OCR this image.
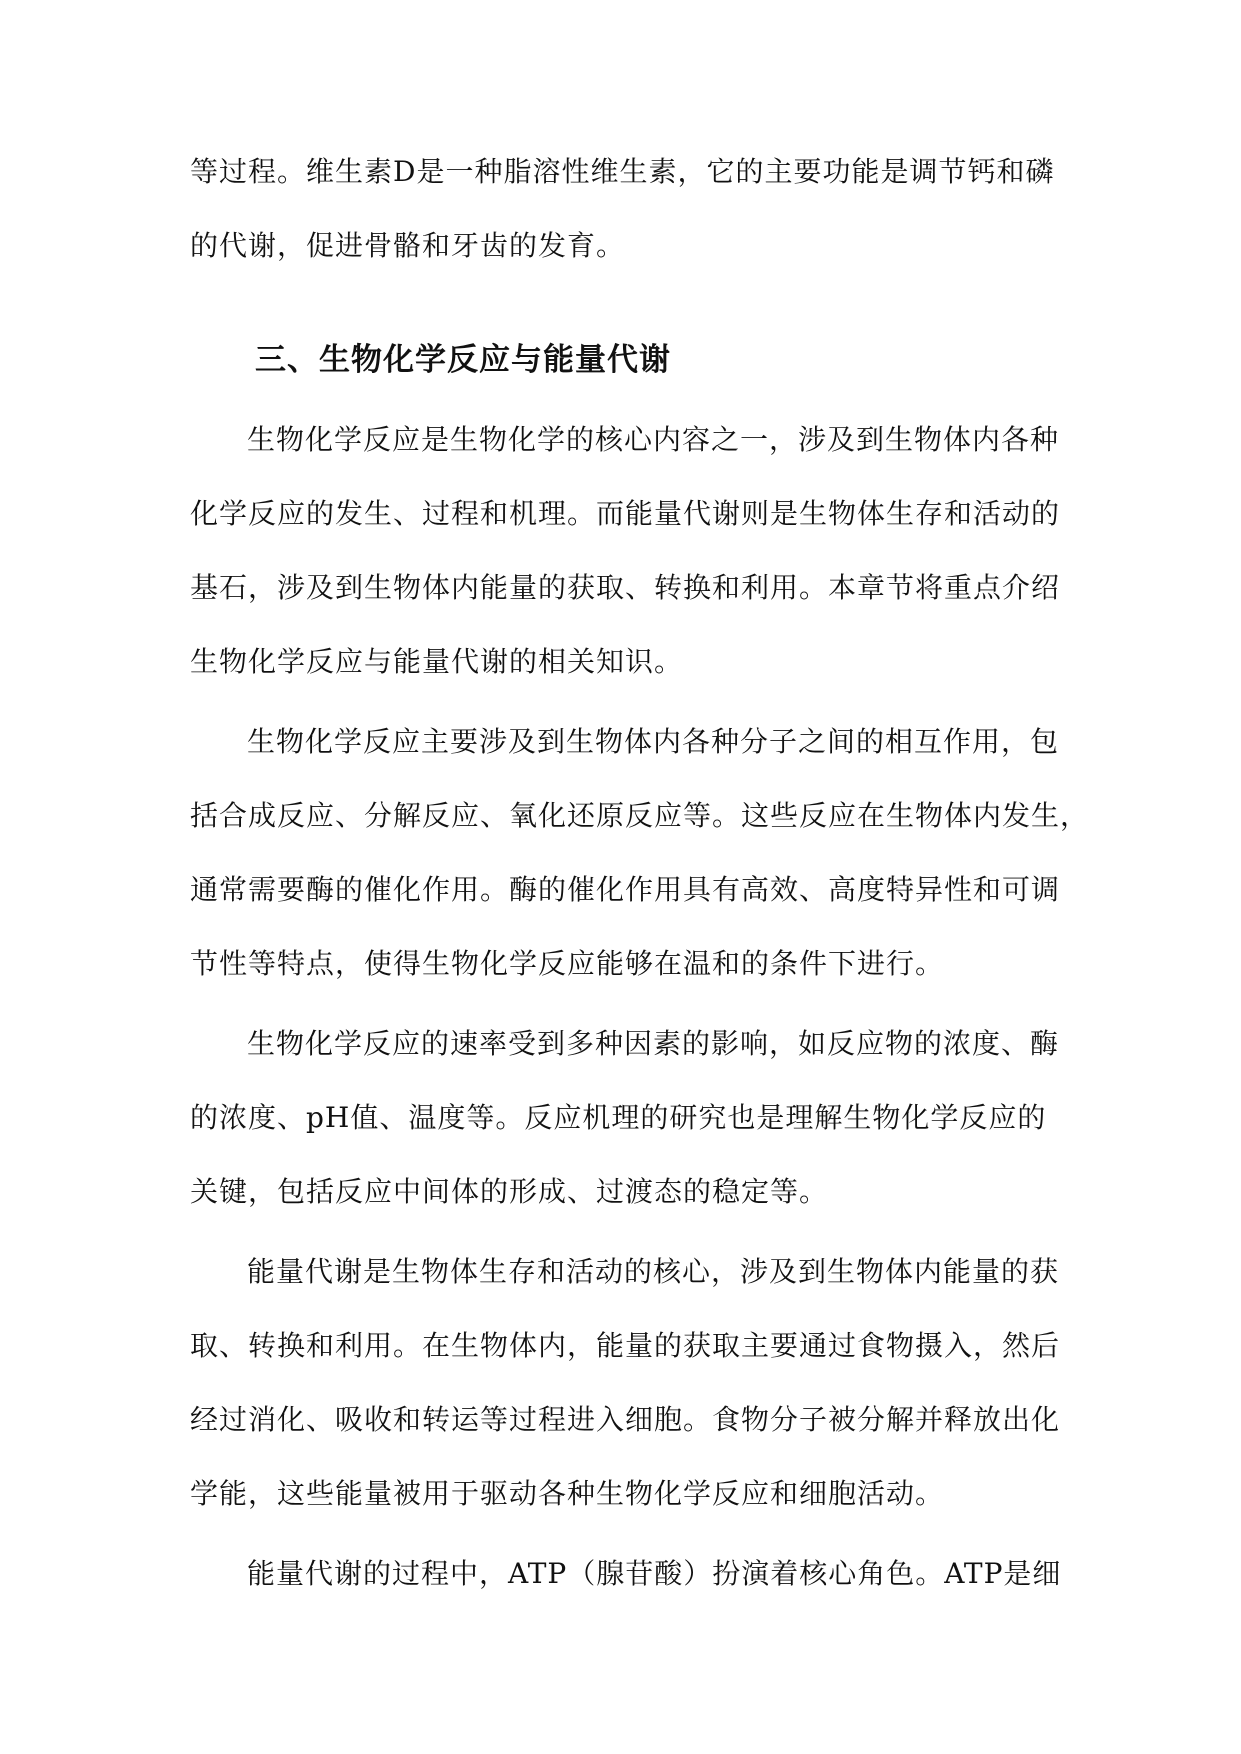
等过程。维生素D是一种脂溶性维生素，它的主要功能是调节钙和磷
的代谢，促进骨骼和牙齿的发育。
三、生物化学反应与能量代谢
生物化学反应是生物化学的核心内容之一，涉及到生物体内各种
化学反应的发生、过程和机理。而能量代谢则是生物体生存和活动的
基石，涉及到生物体内能量的获取、转换和利用。本章节将重点介绍
生物化学反应与能量代谢的相关知识。
生物化学反应主要涉及到生物体内各种分子之间的相互作用，包
括合成反应、分解反应、氧化还原反应等。这些反应在生物体内发生，
通常需要酶的催化作用。酶的催化作用具有高效、高度特异性和可调
节性等特点，使得生物化学反应能够在温和的条件下进行。
生物化学反应的速率受到多种因素的影响，如反应物的浓度、酶
的浓度、pH值、温度等。反应机理的研究也是理解生物化学反应的
关键，包括反应中间体的形成、过渡态的稳定等。
能量代谢是生物体生存和活动的核心，涉及到生物体内能量的获
取、转换和利用。在生物体内，能量的获取主要通过食物摄入，然后
经过消化、吸收和转运等过程进入细胞。食物分子被分解并释放出化
学能，这些能量被用于驱动各种生物化学反应和细胞活动。
能量代谢的过程中，ATP（腺苷酸）扮演着核心角色。ATP是细
